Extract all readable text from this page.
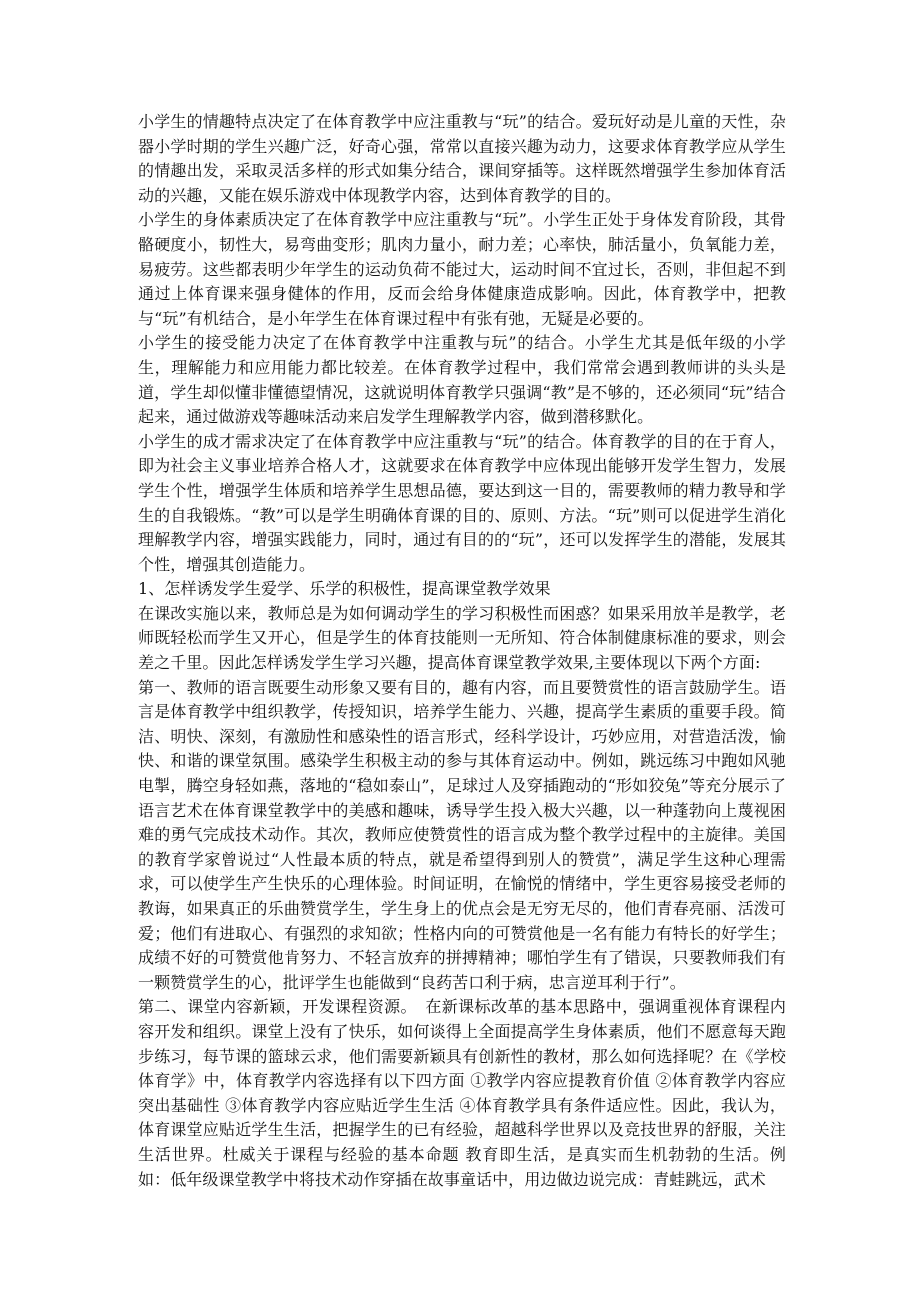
小学生的情趣特点决定了在体育教学中应注重教与“玩”的结合。爱玩好动是儿童的天性，杂器小学时期的学生兴趣广泛，好奇心强，常常以直接兴趣为动力，这要求体育教学应从学生的情趣出发，采取灵活多样的形式如集分结合，课间穿插等。这样既然增强学生参加体育活动的兴趣，又能在娱乐游戏中体现教学内容，达到体育教学的目的。

小学生的身体素质决定了在体育教学中应注重教与“玩”。小学生正处于身体发育阶段，其骨骼硬度小，韧性大，易弯曲变形；肌肉力量小，耐力差；心率快，肺活量小，负氧能力差，易疲劳。这些都表明少年学生的运动负荷不能过大，运动时间不宜过长，否则，非但起不到通过上体育课来强身健体的作用，反而会给身体健康造成影响。因此，体育教学中，把教与“玩”有机结合，是小年学生在体育课过程中有张有弛，无疑是必要的。

小学生的接受能力决定了在体育教学中注重教与玩”的结合。小学生尤其是低年级的小学生，理解能力和应用能力都比较差。在体育教学过程中，我们常常会遇到教师讲的头头是道，学生却似懂非懂德望情况，这就说明体育教学只强调“教”是不够的，还必须同“玩”结合起来，通过做游戏等趣味活动来启发学生理解教学内容，做到潜移默化。

小学生的成才需求决定了在体育教学中应注重教与“玩”的结合。体育教学的目的在于育人，即为社会主义事业培养合格人才，这就要求在体育教学中应体现出能够开发学生智力，发展学生个性，增强学生体质和培养学生思想品德，要达到这一目的，需要教师的精力教导和学生的自我锻炼。“教”可以是学生明确体育课的目的、原则、方法。“玩”则可以促进学生消化理解教学内容，增强实践能力，同时，通过有目的的“玩”，还可以发挥学生的潜能，发展其个性，增强其创造能力。

1、怎样诱发学生爱学、乐学的积极性，提高课堂教学效果

在课改实施以来，教师总是为如何调动学生的学习积极性而困惑？如果采用放羊是教学，老师既轻松而学生又开心，但是学生的体育技能则一无所知、符合体制健康标准的要求，则会差之千里。因此怎样诱发学生学习兴趣，提高体育课堂教学效果,主要体现以下两个方面:

第一、教师的语言既要生动形象又要有目的，趣有内容，而且要赞赏性的语言鼓励学生。语言是体育教学中组织教学，传授知识，培养学生能力、兴趣，提高学生素质的重要手段。简洁、明快、深刻，有激励性和感染性的语言形式，经科学设计，巧妙应用，对营造活泼，愉快、和谐的课堂氛围。感染学生积极主动的参与其体育运动中。例如，跳远练习中跑如风驰电掣，腾空身轻如燕，落地的“稳如泰山”，足球过人及穿插跑动的“形如狡兔”等充分展示了语言艺术在体育课堂教学中的美感和趣味，诱导学生投入极大兴趣，以一种蓬勃向上蔑视困难的勇气完成技术动作。其次，教师应使赞赏性的语言成为整个教学过程中的主旋律。美国的教育学家曾说过“人性最本质的特点，就是希望得到别人的赞赏”，满足学生这种心理需求，可以使学生产生快乐的心理体验。时间证明，在愉悦的情绪中，学生更容易接受老师的教诲，如果真正的乐曲赞赏学生，学生身上的优点会是无穷无尽的，他们青春亮丽、活泼可爱；他们有进取心、有强烈的求知欲；性格内向的可赞赏他是一名有能力有特长的好学生；成绩不好的可赞赏他肯努力、不轻言放弃的拼搏精神；哪怕学生有了错误，只要教师我们有一颗赞赏学生的心，批评学生也能做到“良药苦口利于病，忠言逆耳利于行”。

第二、课堂内容新颖，开发课程资源。　在新课标改革的基本思路中，强调重视体育课程内容开发和组织。课堂上没有了快乐，如何谈得上全面提高学生身体素质，他们不愿意每天跑步练习，每节课的篮球云求，他们需要新颖具有创新性的教材，那么如何选择呢？在《学校体育学》中，体育教学内容选择有以下四方面 ①教学内容应提教育价值 ②体育教学内容应突出基础性 ③体育教学内容应贴近学生生活 ④体育教学具有条件适应性。因此，我认为，体育课堂应贴近学生生活，把握学生的已有经验，超越科学世界以及竞技世界的舒服，关注生活世界。杜威关于课程与经验的基本命题 教育即生活，是真实而生机勃勃的生活。例如：低年级课堂教学中将技术动作穿插在故事童话中，用边做边说完成：青蛙跳远，武术
